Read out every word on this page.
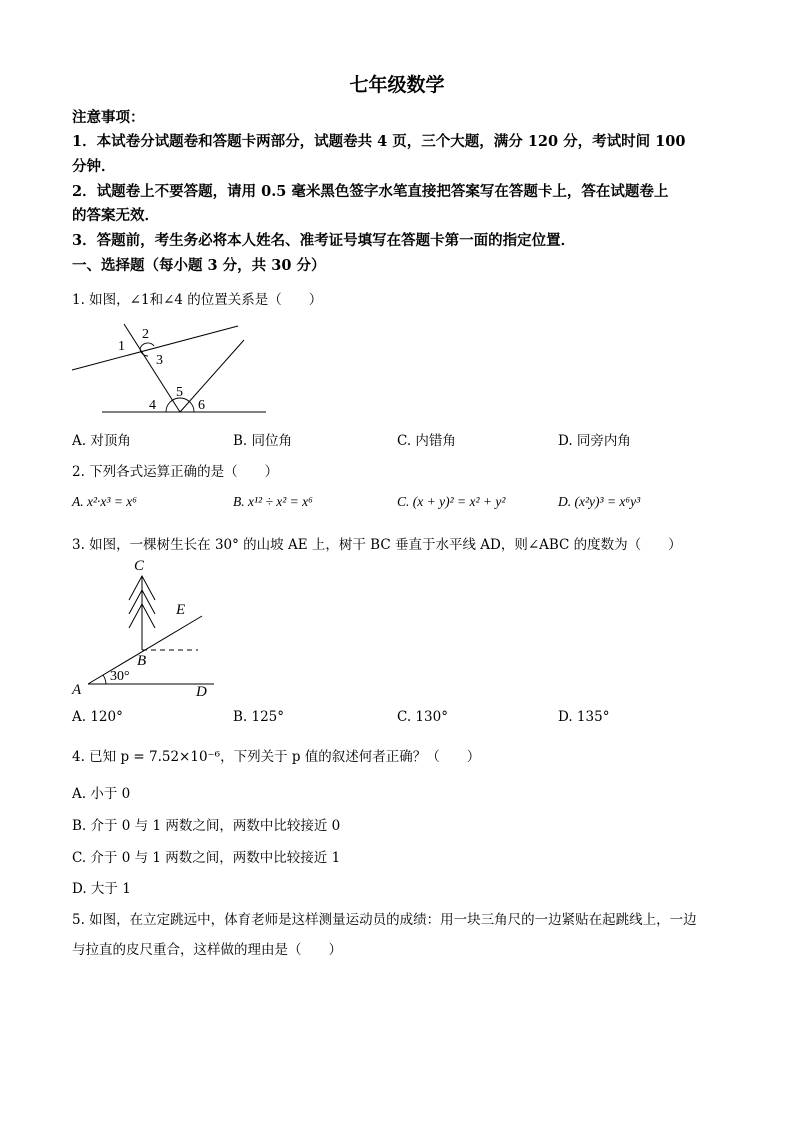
七年级数学
注意事项：
1．本试卷分试题卷和答题卡两部分，试题卷共 4 页，三个大题，满分 120 分，考试时间 100
分钟．
2．试题卷上不要答题，请用 0.5 毫米黑色签字水笔直接把答案写在答题卡上，答在试题卷上
的答案无效．
3．答题前，考生务必将本人姓名、准考证号填写在答题卡第一面的指定位置．
一、选择题（每小题 3 分，共 30 分）
1. 如图，∠1和∠4 的位置关系是（　　）
1
2
3
4
5
6
A. 对顶角	B. 同位角	C. 内错角	D. 同旁内角
2. 下列各式运算正确的是（　　）
A. x²·x³ = x⁶	B. x¹² ÷ x² = x⁶	C. (x + y)² = x² + y²	D. (x²y)³ = x⁶y³
3. 如图，一棵树生长在 30° 的山坡 AE 上，树干 BC 垂直于水平线 AD，则∠ABC 的度数为（　　）
C
E
B
A	D
30°
A. 120°	B. 125°	C. 130°	D. 135°
4. 已知 p = 7.52×10⁻⁶，下列关于 p 值的叙述何者正确？（　　）
A. 小于 0
B. 介于 0 与 1 两数之间，两数中比较接近 0
C. 介于 0 与 1 两数之间，两数中比较接近 1
D. 大于 1
5. 如图，在立定跳远中，体育老师是这样测量运动员的成绩：用一块三角尺的一边紧贴在起跳线上，一边
与拉直的皮尺重合，这样做的理由是（　　）
